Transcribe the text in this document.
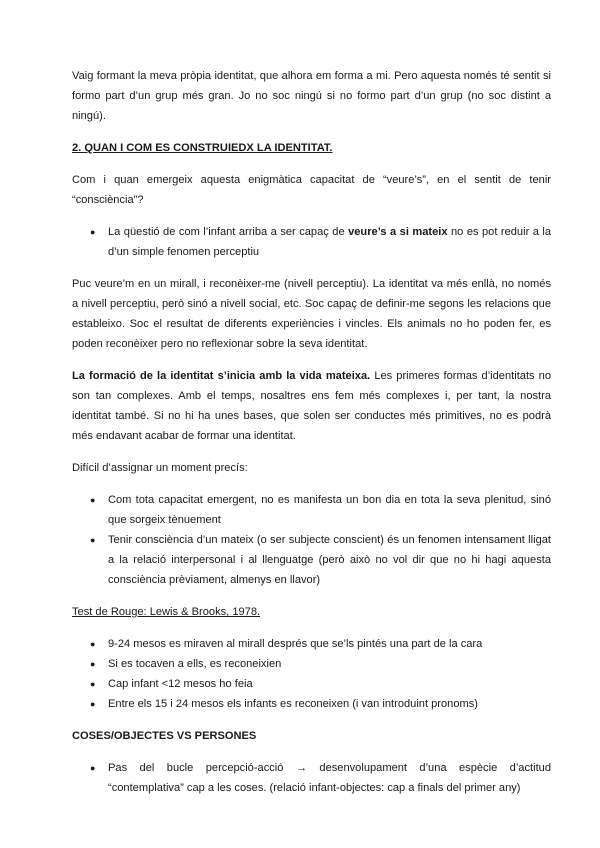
Vaig formant la meva pròpia identitat, que alhora em forma a mi. Pero aquesta només té sentit si formo part d’un grup més gran. Jo no soc ningú si no formo part d’un grup (no soc distint a ningú).

2. QUAN I COM ES CONSTRUIEDX LA IDENTITAT.

Com i quan emergeix aquesta enigmàtica capacitat de “veure’s”, en el sentit de tenir “consciència”?

● La qüestió de com l’infant arriba a ser capaç de veure’s a si mateix no es pot reduir a la d’un simple fenomen perceptiu

Puc veure’m en un mirall, i reconèixer-me (nivell perceptiu). La identitat va més enllà, no només a nivell perceptiu, però sinó a nivell social, etc. Soc capaç de definir-me segons les relacions que estableixo. Soc el resultat de diferents experiències i vincles. Els animals no ho poden fer, es poden reconèixer pero no reflexionar sobre la seva identitat.

La formació de la identitat s’inicia amb la vida mateixa. Les primeres formas d’identitats no son tan complexes. Amb el temps, nosaltres ens fem més complexes i, per tant, la nostra identitat també. Si no hi ha unes bases, que solen ser conductes més primitives, no es podrà més endavant acabar de formar una identitat.

Difícil d’assignar un moment precís:

● Com tota capacitat emergent, no es manifesta un bon dia en tota la seva plenitud, sinó que sorgeix tènuement
● Tenir consciència d’un mateix (o ser subjecte conscient) és un fenomen intensament lligat a la relació interpersonal i al llenguatge (però això no vol dir que no hi hagi aquesta consciència prèviament, almenys en llavor)

Test de Rouge: Lewis & Brooks, 1978.

● 9-24 mesos es miraven al mirall després que se’ls pintés una part de la cara
● Si es tocaven a ells, es reconeixien
● Cap infant <12 mesos ho feia
● Entre els 15 i 24 mesos els infants es reconeixen (i van introduint pronoms)
COSES/OBJECTES VS PERSONES
● Pas del bucle percepció-acció → desenvolupament d’una espècie d’actitud “contemplativa” cap a les coses. (relació infant-objectes: cap a finals del primer any)
